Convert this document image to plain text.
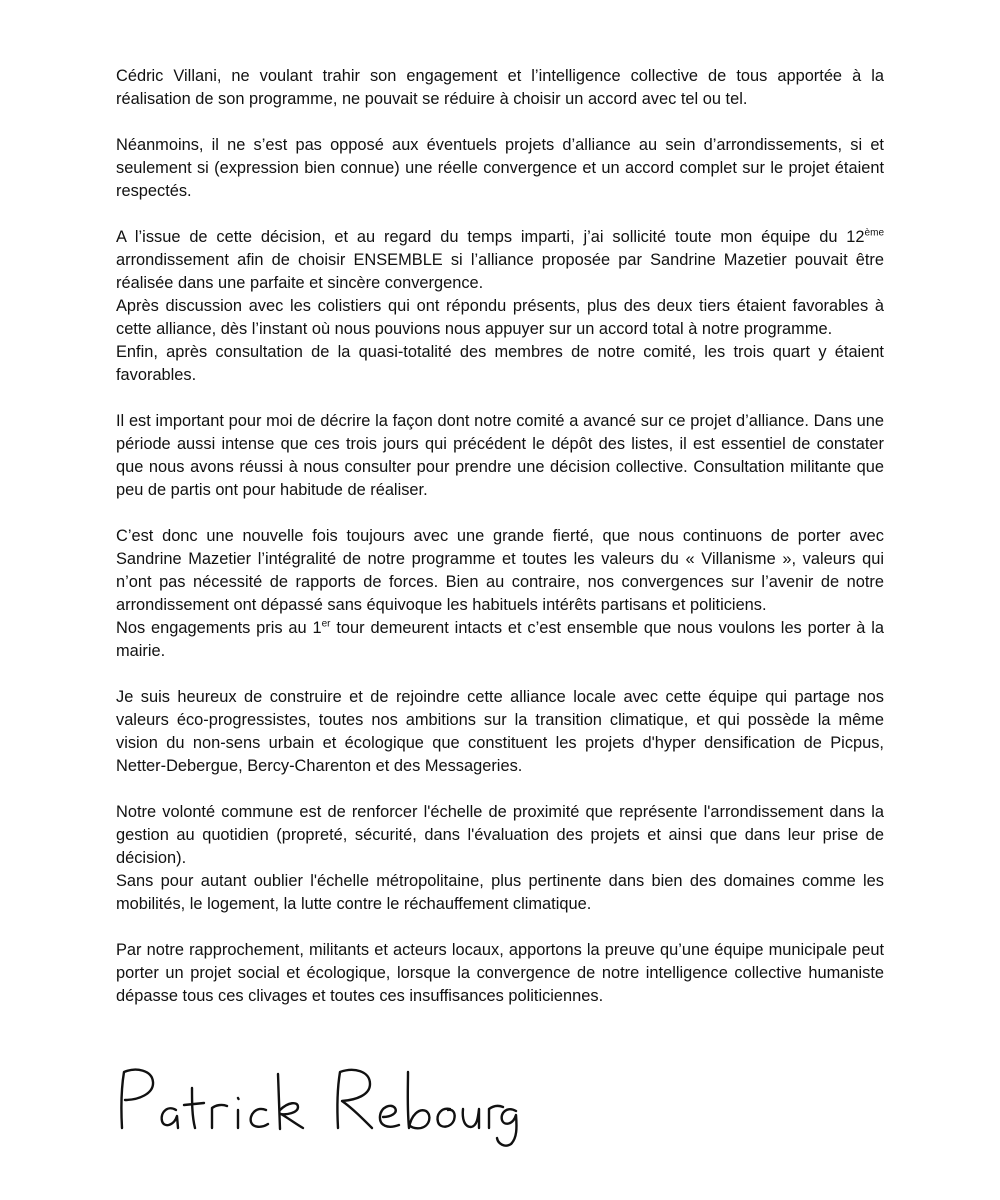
Cédric Villani, ne voulant trahir son engagement et l’intelligence collective de tous apportée à la réalisation de son programme, ne pouvait se réduire à choisir un accord avec tel ou tel.

Néanmoins, il ne s’est pas opposé aux éventuels projets d’alliance au sein d’arrondissements, si et seulement si (expression bien connue) une réelle convergence et un accord complet sur le projet étaient respectés.

A l’issue de cette décision, et au regard du temps imparti, j’ai sollicité toute mon équipe du 12ème arrondissement afin de choisir ENSEMBLE si l’alliance proposée par Sandrine Mazetier pouvait être réalisée dans une parfaite et sincère convergence.
Après discussion avec les colistiers qui ont répondu présents, plus des deux tiers étaient favorables à cette alliance, dès l’instant où nous pouvions nous appuyer sur un accord total à notre programme.
Enfin, après consultation de la quasi-totalité des membres de notre comité, les trois quart y étaient favorables.

Il est important pour moi de décrire la façon dont notre comité a avancé sur ce projet d’alliance. Dans une période aussi intense que ces trois jours qui précédent le dépôt des listes, il est essentiel de constater que nous avons réussi à nous consulter pour prendre une décision collective. Consultation militante que peu de partis ont pour habitude de réaliser.

C’est donc une nouvelle fois toujours avec une grande fierté, que nous continuons de porter avec Sandrine Mazetier l’intégralité de notre programme et toutes les valeurs du « Villanisme », valeurs qui n’ont pas nécessité de rapports de forces. Bien au contraire, nos convergences sur l’avenir de notre arrondissement ont dépassé sans équivoque les habituels intérêts partisans et politiciens.
Nos engagements pris au 1er tour demeurent intacts et c’est ensemble que nous voulons les porter à la mairie.

Je suis heureux de construire et de rejoindre cette alliance locale avec cette équipe qui partage nos valeurs éco-progressistes, toutes nos ambitions sur la transition climatique, et qui possède la même vision du non-sens urbain et écologique que constituent les projets d'hyper densification de Picpus, Netter-Debergue, Bercy-Charenton et des Messageries.

Notre volonté commune est de renforcer l'échelle de proximité que représente l'arrondissement dans la gestion au quotidien (propreté, sécurité, dans l'évaluation des projets et ainsi que dans leur prise de décision).
Sans pour autant oublier l'échelle métropolitaine, plus pertinente dans bien des domaines comme les mobilités, le logement, la lutte contre le réchauffement climatique.

Par notre rapprochement, militants et acteurs locaux, apportons la preuve qu’une équipe municipale peut porter un projet social et écologique, lorsque la convergence de notre intelligence collective humaniste dépasse tous ces clivages et toutes ces insuffisances politiciennes.
